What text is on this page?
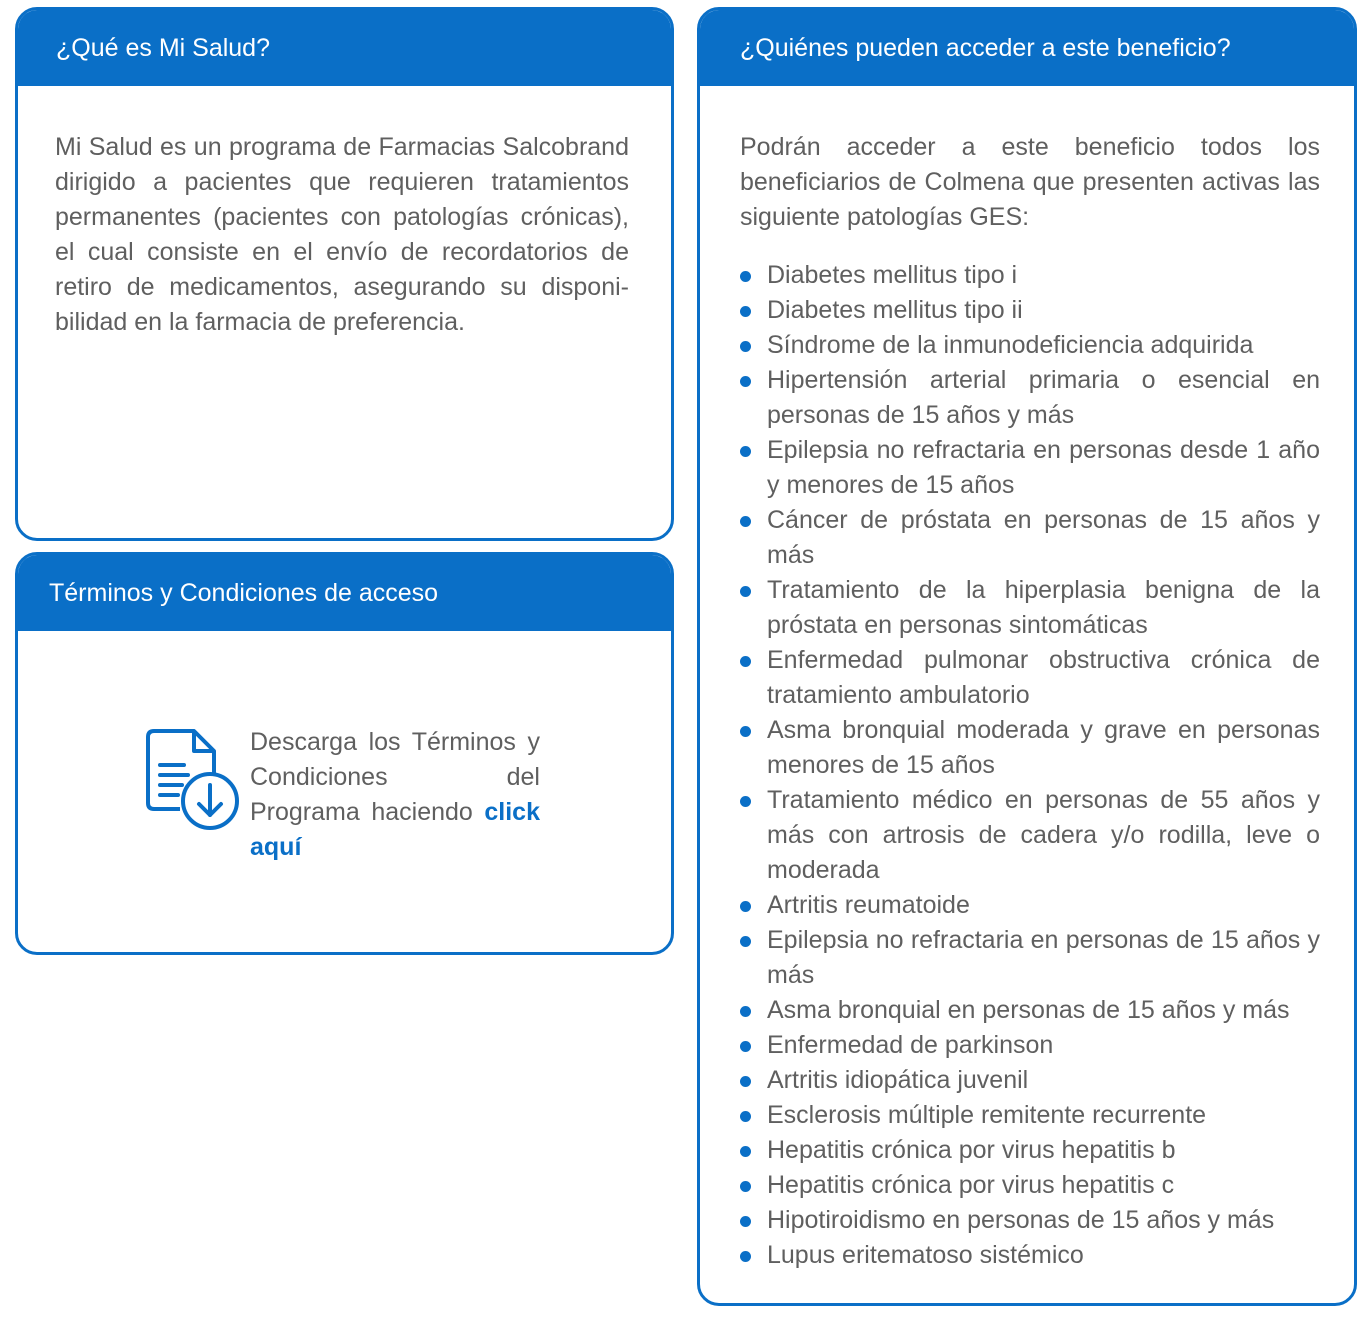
¿Qué es Mi Salud?

Mi Salud es un programa de Farmacias Salcobrand dirigido a pacientes que requieren tratamientos permanentes (pacientes con patologías crónicas), el cual consiste en el envío de recordatorios de retiro de medicamentos, asegurando su disponi-bilidad en la farmacia de preferencia.

Términos y Condiciones de acceso

Descarga los Términos y Condiciones del Programa haciendo click aquí

¿Quiénes pueden acceder a este beneficio?

Podrán acceder a este beneficio todos los beneficiarios de Colmena que presenten activas las siguiente patologías GES:

Diabetes mellitus tipo i
Diabetes mellitus tipo ii
Síndrome de la inmunodeficiencia adquirida
Hipertensión arterial primaria o esencial en personas de 15 años y más
Epilepsia no refractaria en personas desde 1 año y menores de 15 años
Cáncer de próstata en personas de 15 años y más
Tratamiento de la hiperplasia benigna de la próstata en personas sintomáticas
Enfermedad pulmonar obstructiva crónica de tratamiento ambulatorio
Asma bronquial moderada y grave en personas menores de 15 años
Tratamiento médico en personas de 55 años y más con artrosis de cadera y/o rodilla, leve o moderada
Artritis reumatoide
Epilepsia no refractaria en personas de 15 años y más
Asma bronquial en personas de 15 años y más
Enfermedad de parkinson
Artritis idiopática juvenil
Esclerosis múltiple remitente recurrente
Hepatitis crónica por virus hepatitis b
Hepatitis crónica por virus hepatitis c
Hipotiroidismo en personas de 15 años y más
Lupus eritematoso sistémico
